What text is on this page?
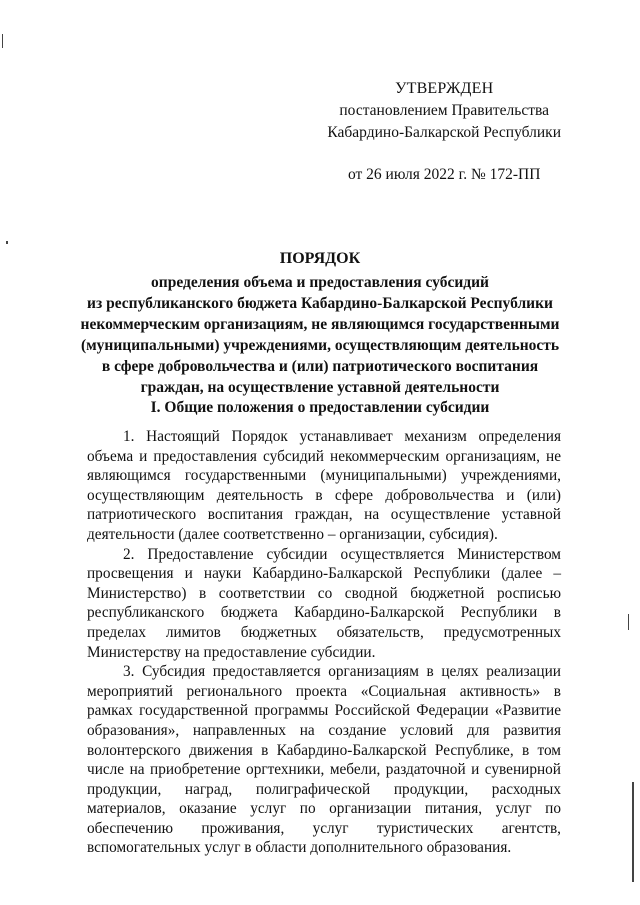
УТВЕРЖДЕН
постановлением Правительства
Кабардино-Балкарской Республики
от 26 июля 2022 г. № 172-ПП
ПОРЯДОК
определения объема и предоставления субсидий
из республиканского бюджета Кабардино-Балкарской Республики
некоммерческим организациям, не являющимся государственными
(муниципальными) учреждениями, осуществляющим деятельность
в сфере добровольчества и (или) патриотического воспитания
граждан, на осуществление уставной деятельности
I. Общие положения о предоставлении субсидии

1. Настоящий Порядок устанавливает механизм определения объема и предоставления субсидий некоммерческим организациям, не являющимся государственными (муниципальными) учреждениями, осуществляющим деятельность в сфере добровольчества и (или) патриотического воспитания граждан, на осуществление уставной деятельности (далее соответственно – организации, субсидия).

2. Предоставление субсидии осуществляется Министерством просвещения и науки Кабардино-Балкарской Республики (далее – Министерство) в соответствии со сводной бюджетной росписью республиканского бюджета Кабардино-Балкарской Республики в пределах лимитов бюджетных обязательств, предусмотренных Министерству на предоставление субсидии.

3. Субсидия предоставляется организациям в целях реализации мероприятий регионального проекта «Социальная активность» в рамках государственной программы Российской Федерации «Развитие образования», направленных на создание условий для развития волонтерского движения в Кабардино-Балкарской Республике, в том числе на приобретение оргтехники, мебели, раздаточной и сувенирной продукции, наград, полиграфической продукции, расходных материалов, оказание услуг по организации питания, услуг по обеспечению проживания, услуг туристических агентств, вспомогательных услуг в области дополнительного образования.
